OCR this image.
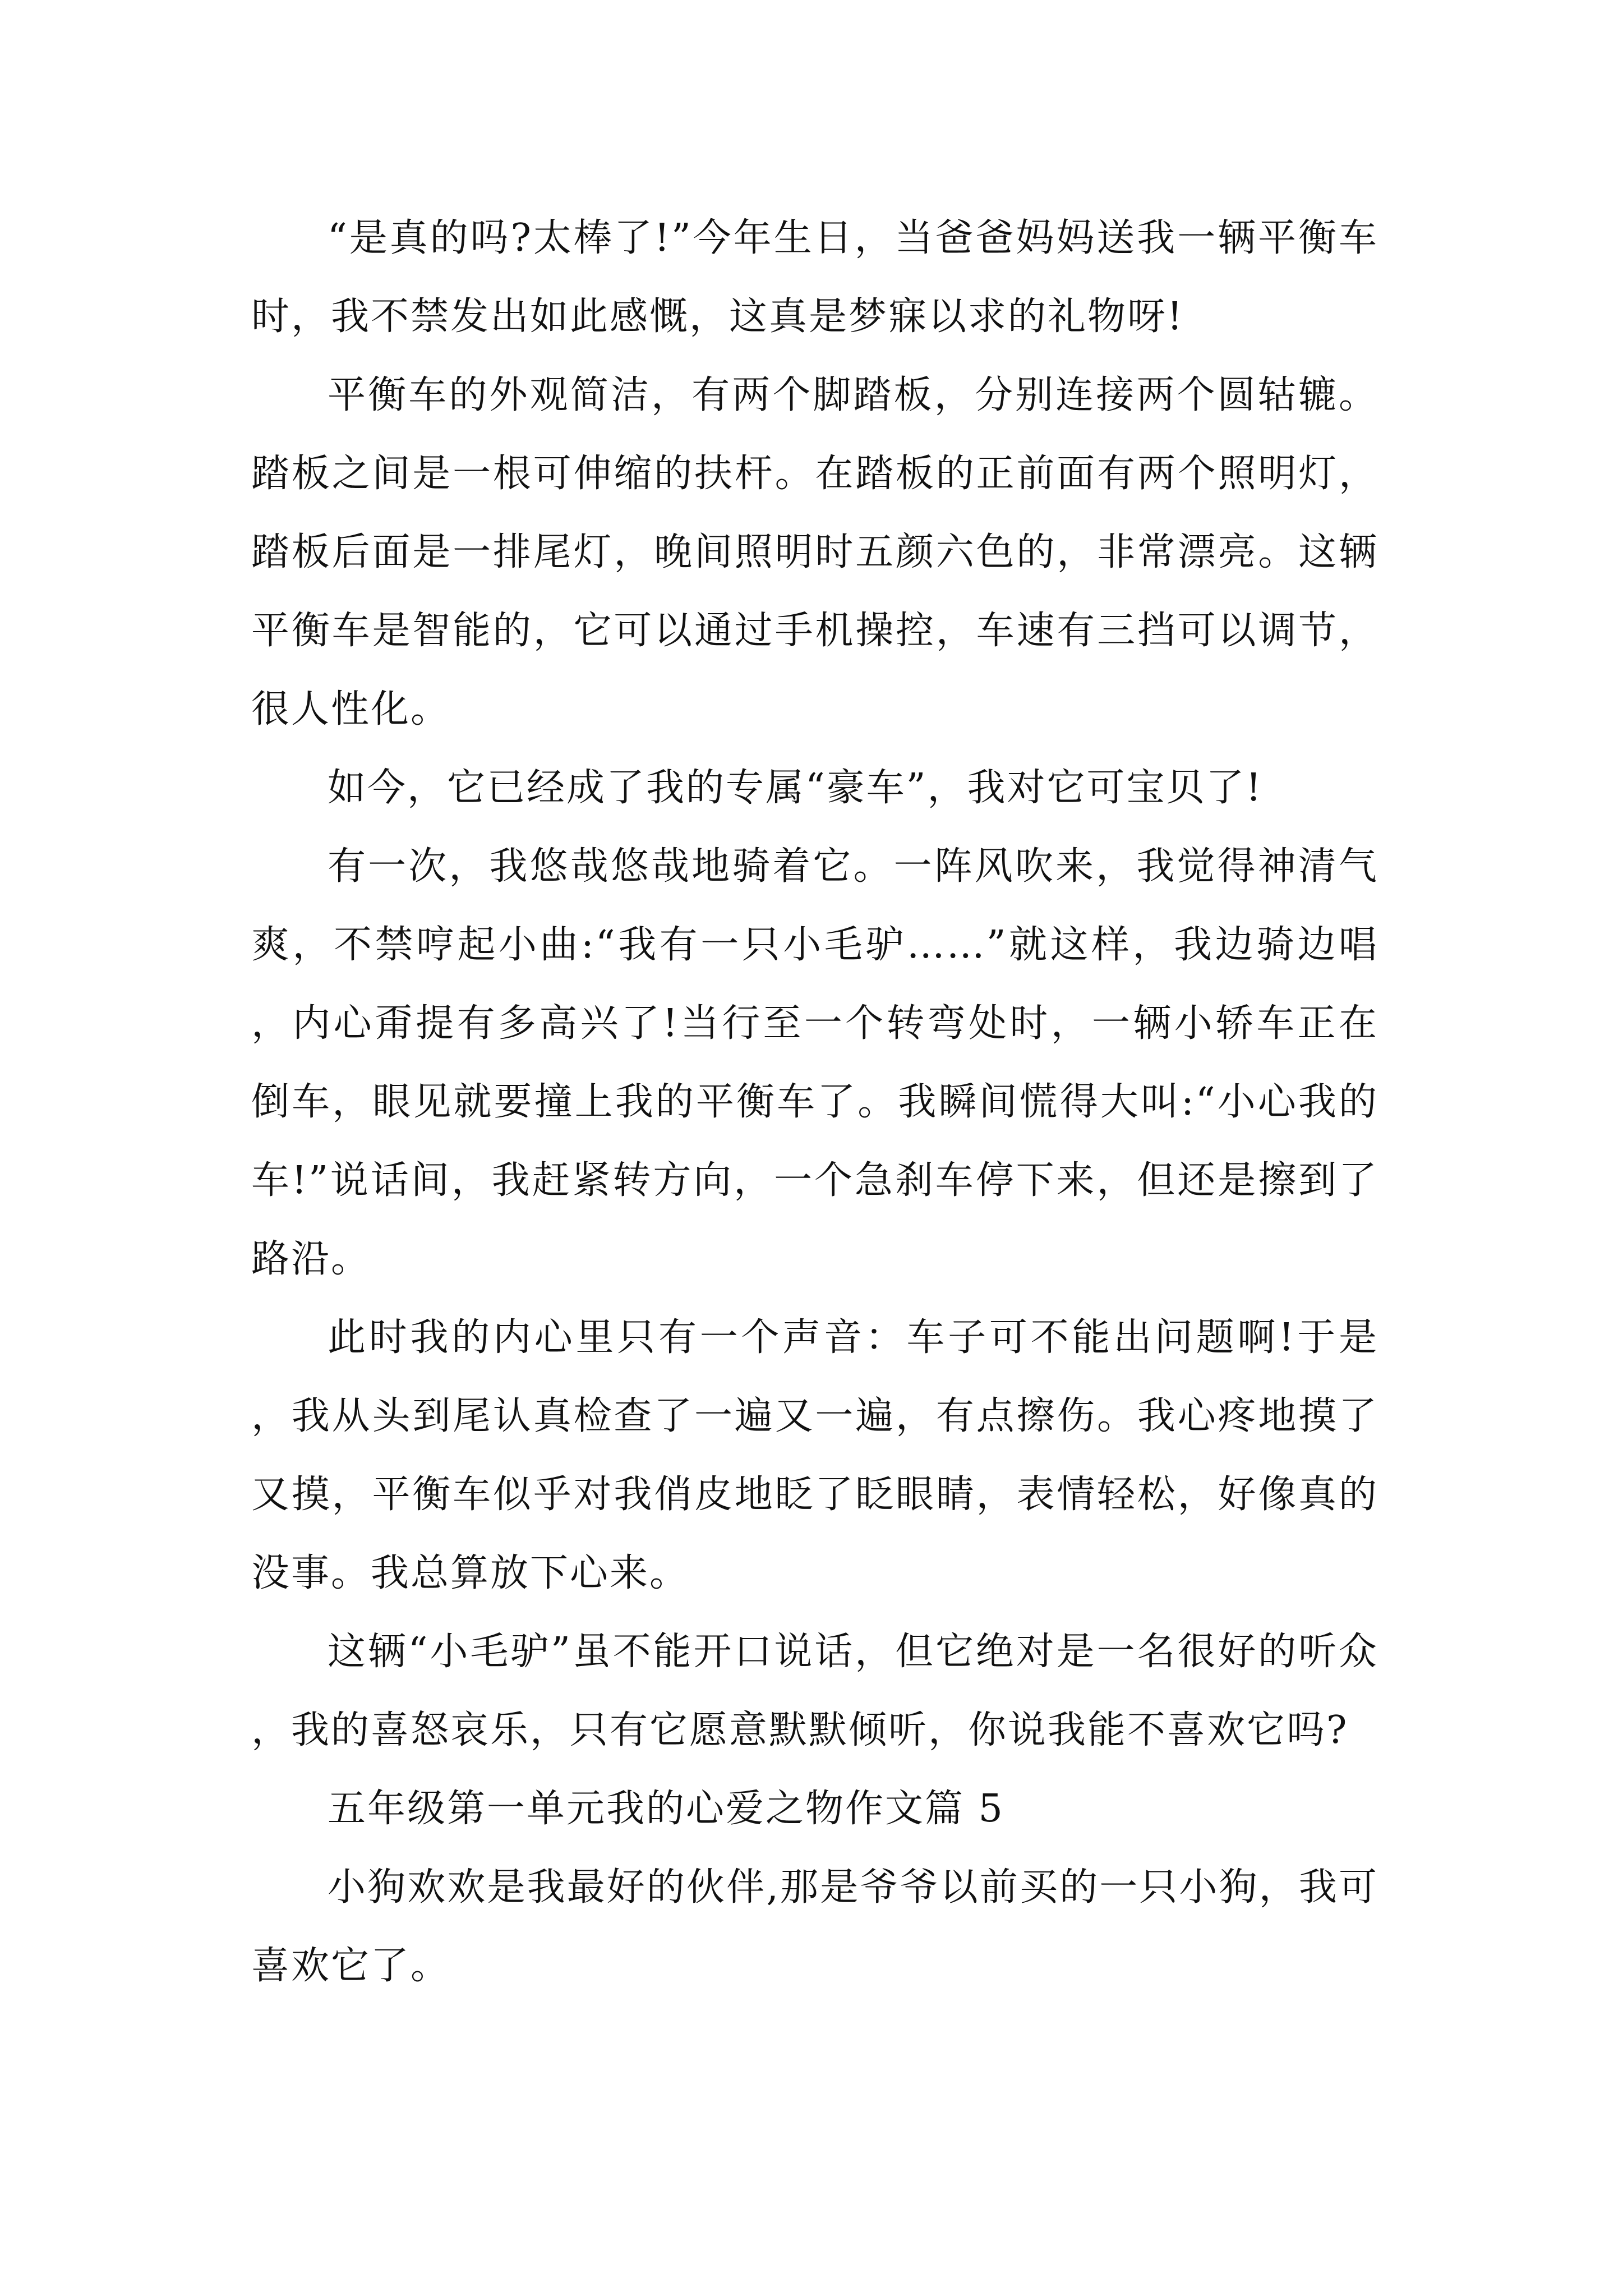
“是真的吗?太棒了!”今年生日，当爸爸妈妈送我一辆平衡车时，我不禁发出如此感慨，这真是梦寐以求的礼物呀!

平衡车的外观简洁，有两个脚踏板，分别连接两个圆轱辘。踏板之间是一根可伸缩的扶杆。在踏板的正前面有两个照明灯，踏板后面是一排尾灯，晚间照明时五颜六色的，非常漂亮。这辆平衡车是智能的，它可以通过手机操控，车速有三挡可以调节，很人性化。

如今，它已经成了我的专属“豪车”，我对它可宝贝了!

有一次，我悠哉悠哉地骑着它。一阵风吹来，我觉得神清气爽，不禁哼起小曲:“我有一只小毛驴……”就这样，我边骑边唱，内心甭提有多高兴了!当行至一个转弯处时，一辆小轿车正在倒车，眼见就要撞上我的平衡车了。我瞬间慌得大叫:“小心我的车!”说话间，我赶紧转方向，一个急刹车停下来，但还是擦到了路沿。

此时我的内心里只有一个声音：车子可不能出问题啊!于是，我从头到尾认真检查了一遍又一遍，有点擦伤。我心疼地摸了又摸，平衡车似乎对我俏皮地眨了眨眼睛，表情轻松，好像真的没事。我总算放下心来。

这辆“小毛驴”虽不能开口说话，但它绝对是一名很好的听众，我的喜怒哀乐，只有它愿意默默倾听，你说我能不喜欢它吗?

五年级第一单元我的心爱之物作文篇 5

小狗欢欢是我最好的伙伴,那是爷爷以前买的一只小狗，我可喜欢它了。
